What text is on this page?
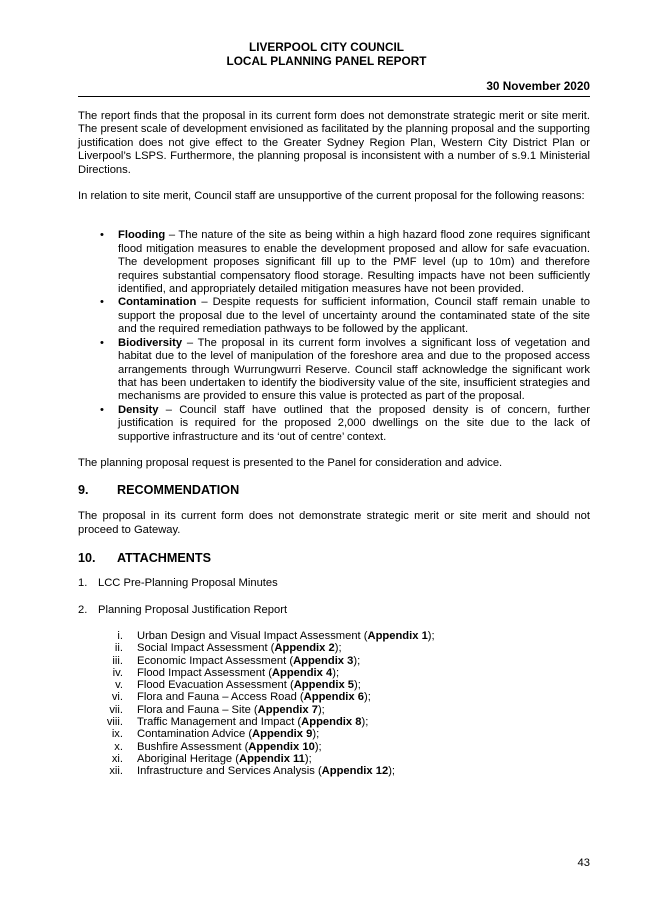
LIVERPOOL CITY COUNCIL
LOCAL PLANNING PANEL REPORT
30 November 2020

The report finds that the proposal in its current form does not demonstrate strategic merit or site merit. The present scale of development envisioned as facilitated by the planning proposal and the supporting justification does not give effect to the Greater Sydney Region Plan, Western City District Plan or Liverpool’s LSPS. Furthermore, the planning proposal is inconsistent with a number of s.9.1 Ministerial Directions.

In relation to site merit, Council staff are unsupportive of the current proposal for the following reasons:

• Flooding – The nature of the site as being within a high hazard flood zone requires significant flood mitigation measures to enable the development proposed and allow for safe evacuation. The development proposes significant fill up to the PMF level (up to 10m) and therefore requires substantial compensatory flood storage. Resulting impacts have not been sufficiently identified, and appropriately detailed mitigation measures have not been provided.
• Contamination – Despite requests for sufficient information, Council staff remain unable to support the proposal due to the level of uncertainty around the contaminated state of the site and the required remediation pathways to be followed by the applicant.
• Biodiversity – The proposal in its current form involves a significant loss of vegetation and habitat due to the level of manipulation of the foreshore area and due to the proposed access arrangements through Wurrungwurri Reserve. Council staff acknowledge the significant work that has been undertaken to identify the biodiversity value of the site, insufficient strategies and mechanisms are provided to ensure this value is protected as part of the proposal.
• Density – Council staff have outlined that the proposed density is of concern, further justification is required for the proposed 2,000 dwellings on the site due to the lack of supportive infrastructure and its ‘out of centre’ context.

The planning proposal request is presented to the Panel for consideration and advice.

9. RECOMMENDATION

The proposal in its current form does not demonstrate strategic merit or site merit and should not proceed to Gateway.

10. ATTACHMENTS
1. LCC Pre-Planning Proposal Minutes
2. Planning Proposal Justification Report
i. Urban Design and Visual Impact Assessment (Appendix 1);
ii. Social Impact Assessment (Appendix 2);
iii. Economic Impact Assessment (Appendix 3);
iv. Flood Impact Assessment (Appendix 4);
v. Flood Evacuation Assessment (Appendix 5);
vi. Flora and Fauna – Access Road (Appendix 6);
vii. Flora and Fauna – Site (Appendix 7);
viii. Traffic Management and Impact (Appendix 8);
ix. Contamination Advice (Appendix 9);
x. Bushfire Assessment (Appendix 10);
xi. Aboriginal Heritage (Appendix 11);
xii. Infrastructure and Services Analysis (Appendix 12);
43
